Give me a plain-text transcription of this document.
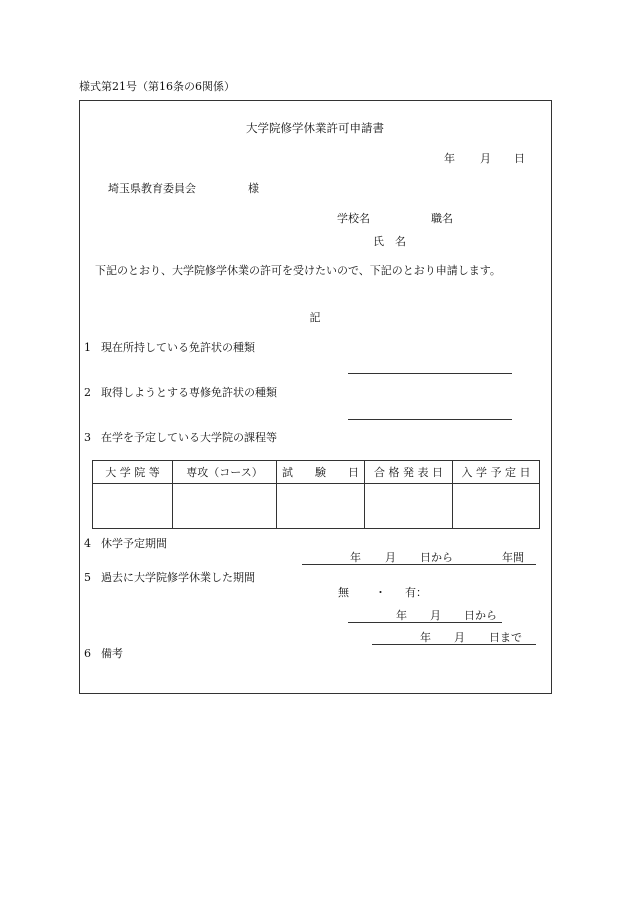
様式第21号（第16条の6関係）
大学院修学休業許可申請書
年 月 日
埼玉県教育委員会	様
学校名	職名
氏　名
下記のとおり、大学院修学休業の許可を受けたいので、下記のとおり申請します。
記
1 現在所持している免許状の種類
2 取得しようとする専修免許状の種類
3 在学を予定している大学院の課程等
大 学 院 等	専攻（コース）	試　　験　　日	合 格 発 表 日	入 学 予 定 日

4 休学予定期間
年 月 日から	年間
5 過去に大学院修学休業した期間
無 ・ 有：
年 月 日から
年 月 日まで
6 備考
